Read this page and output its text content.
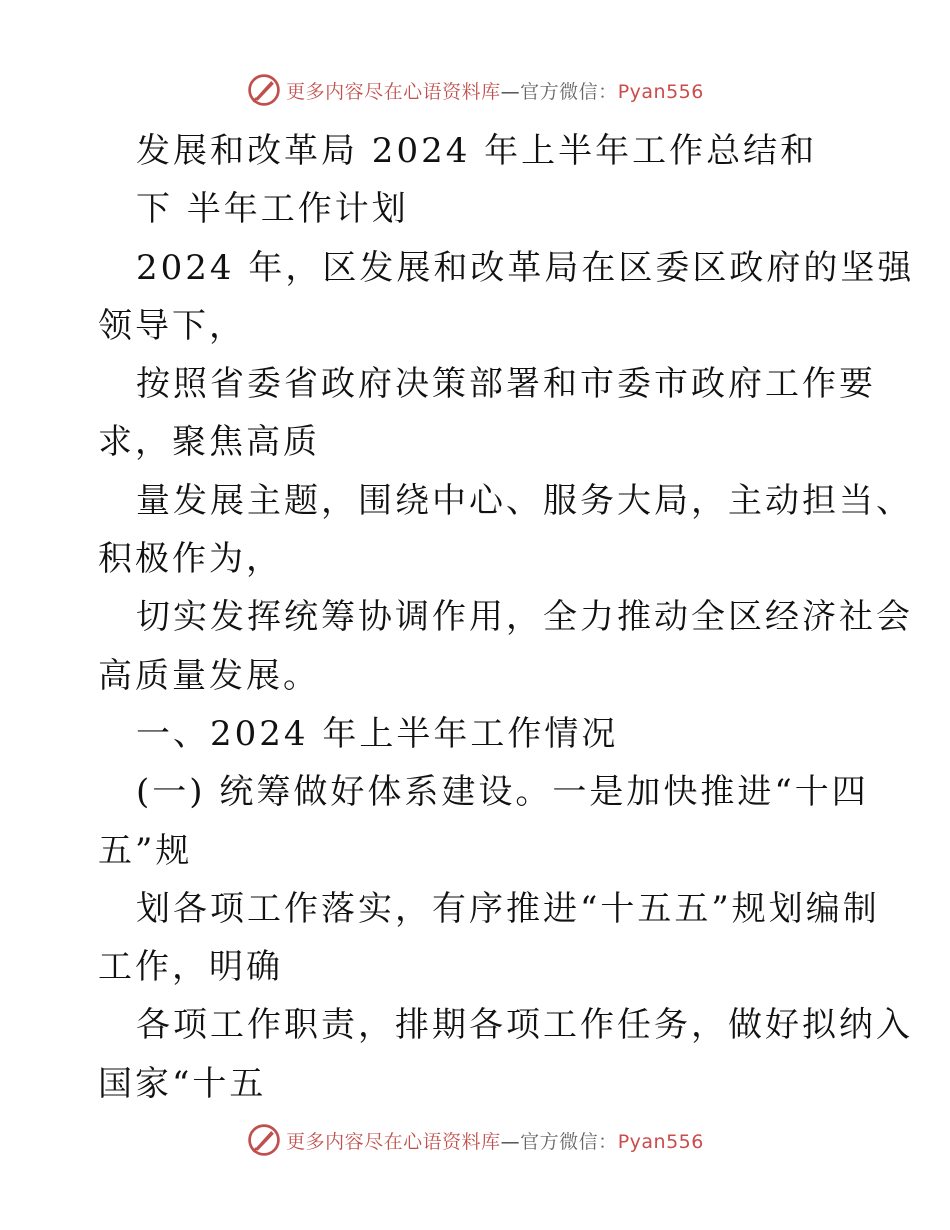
更多内容尽在心语资料库—官方微信：Pyan556
发展和改革局 2024 年上半年工作总结和
下 半年工作计划
2024 年，区发展和改革局在区委区政府的坚强
领导下，
按照省委省政府决策部署和市委市政府工作要
求，聚焦高质
量发展主题，围绕中心、服务大局，主动担当、
积极作为，
切实发挥统筹协调作用，全力推动全区经济社会
高质量发展。
一、2024 年上半年工作情况
(一) 统筹做好体系建设。一是加快推进“十四
五”规
划各项工作落实，有序推进“十五五”规划编制
工作，明确
各项工作职责，排期各项工作任务，做好拟纳入
国家“十五
更多内容尽在心语资料库—官方微信：Pyan556
